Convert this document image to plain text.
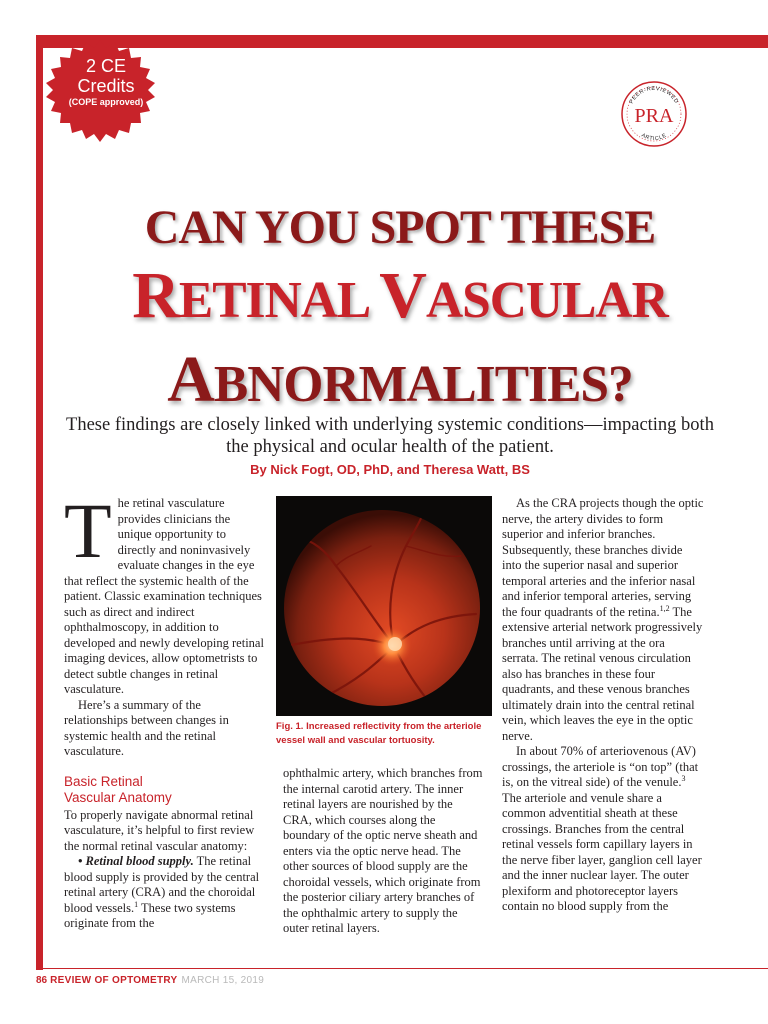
2 CE
Credits
(COPE approved)	PEER-REVIEWED
ARTICLE
PRA
CAN YOU SPOT THESE
RETINAL VASCULAR
ABNORMALITIES?
These findings are closely linked with underlying systemic conditions—impacting both the physical and ocular health of the patient.
By Nick Fogt, OD, PhD, and Theresa Watt, BS

The retinal vasculature provides clinicians the unique opportunity to directly and noninvasively evaluate changes in the eye that reflect the systemic health of the patient. Classic examination techniques such as direct and indirect ophthalmoscopy, in addition to developed and newly developing retinal imaging devices, allow optometrists to detect subtle changes in retinal vasculature.

Here’s a summary of the relationships between changes in systemic health and the retinal vasculature.

Basic Retinal
Vascular Anatomy

To properly navigate abnormal retinal vasculature, it’s helpful to first review the normal retinal vascular anatomy:

• Retinal blood supply. The retinal blood supply is provided by the central retinal artery (CRA) and the choroidal blood vessels.$^1$ These two systems originate from the

Fig. 1. Increased reflectivity from the arteriole vessel wall and vascular tortuosity.

ophthalmic artery, which branches from the internal carotid artery. The inner retinal layers are nourished by the CRA, which courses along the boundary of the optic nerve sheath and enters via the optic nerve head. The other sources of blood supply are the choroidal vessels, which originate from the posterior ciliary artery branches of the ophthalmic artery to supply the outer retinal layers.

As the CRA projects though the optic nerve, the artery divides to form superior and inferior branches. Subsequently, these branches divide into the superior nasal and superior temporal arteries and the inferior nasal and inferior temporal arteries, serving the four quadrants of the retina.$^{1,2}$ The extensive arterial network progressively branches until arriving at the ora serrata. The retinal venous circulation also has branches in these four quadrants, and these venous branches ultimately drain into the central retinal vein, which leaves the eye in the optic nerve.

In about 70% of arteriovenous (AV) crossings, the arteriole is “on top” (that is, on the vitreal side) of the venule.$^3$ The arteriole and venule share a common adventitial sheath at these crossings. Branches from the central retinal vessels form capillary layers in the nerve fiber layer, ganglion cell layer and the inner nuclear layer. The outer plexiform and photoreceptor layers contain no blood supply from the

86 REVIEW OF OPTOMETRY MARCH 15, 2019
